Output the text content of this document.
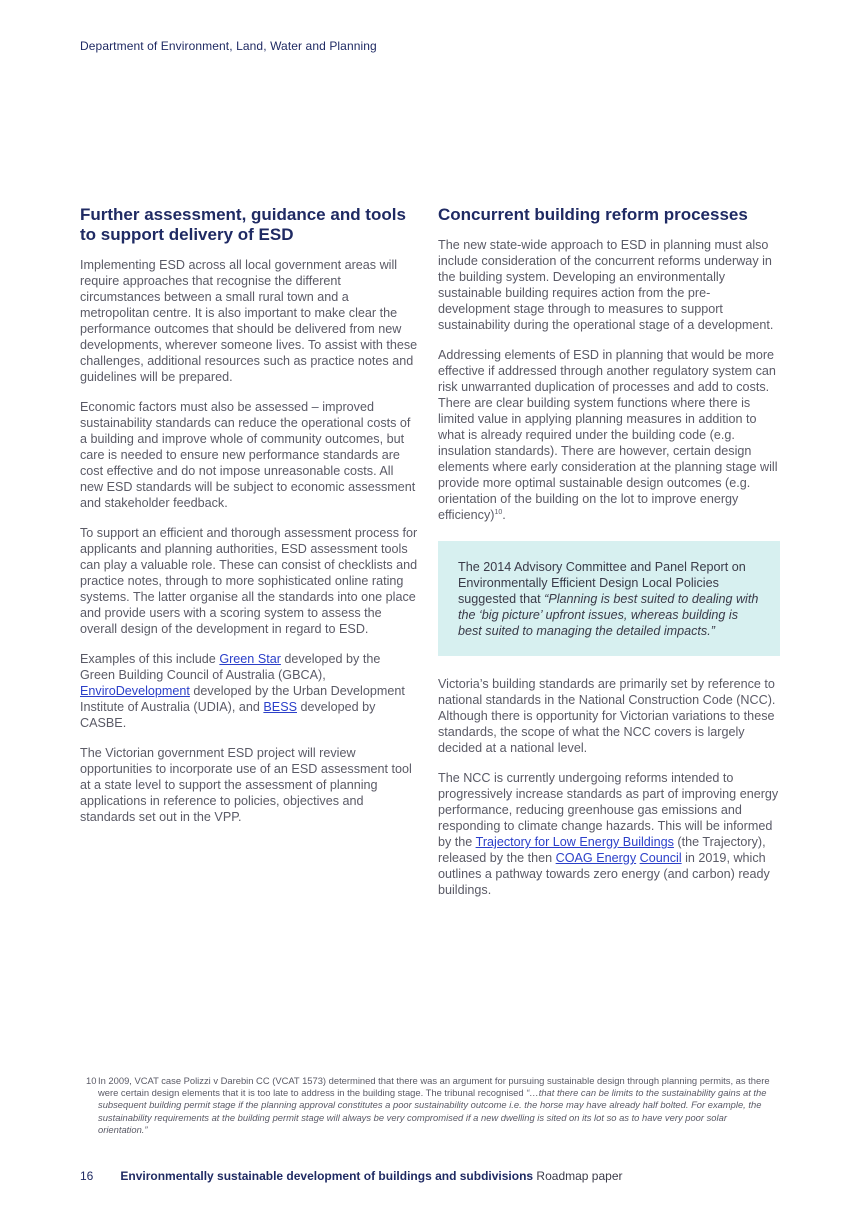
Department of Environment, Land, Water and Planning
Further assessment, guidance and tools to support delivery of ESD

Implementing ESD across all local government areas will require approaches that recognise the different circumstances between a small rural town and a metropolitan centre. It is also important to make clear the performance outcomes that should be delivered from new developments, wherever someone lives. To assist with these challenges, additional resources such as practice notes and guidelines will be prepared.

Economic factors must also be assessed – improved sustainability standards can reduce the operational costs of a building and improve whole of community outcomes, but care is needed to ensure new performance standards are cost effective and do not impose unreasonable costs. All new ESD standards will be subject to economic assessment and stakeholder feedback.

To support an efficient and thorough assessment process for applicants and planning authorities, ESD assessment tools can play a valuable role. These can consist of checklists and practice notes, through to more sophisticated online rating systems. The latter organise all the standards into one place and provide users with a scoring system to assess the overall design of the development in regard to ESD.

Examples of this include Green Star developed by the Green Building Council of Australia (GBCA), EnviroDevelopment developed by the Urban Development Institute of Australia (UDIA), and BESS developed by CASBE.

The Victorian government ESD project will review opportunities to incorporate use of an ESD assessment tool at a state level to support the assessment of planning applications in reference to policies, objectives and standards set out in the VPP.

Concurrent building reform processes

The new state-wide approach to ESD in planning must also include consideration of the concurrent reforms underway in the building system. Developing an environmentally sustainable building requires action from the pre-development stage through to measures to support sustainability during the operational stage of a development.

Addressing elements of ESD in planning that would be more effective if addressed through another regulatory system can risk unwarranted duplication of processes and add to costs. There are clear building system functions where there is limited value in applying planning measures in addition to what is already required under the building code (e.g. insulation standards). There are however, certain design elements where early consideration at the planning stage will provide more optimal sustainable design outcomes (e.g. orientation of the building on the lot to improve energy efficiency)$^{10}$.

The 2014 Advisory Committee and Panel Report on Environmentally Efficient Design Local Policies suggested that “Planning is best suited to dealing with the ‘big picture’ upfront issues, whereas building is best suited to managing the detailed impacts.”

Victoria’s building standards are primarily set by reference to national standards in the National Construction Code (NCC). Although there is opportunity for Victorian variations to these standards, the scope of what the NCC covers is largely decided at a national level.

The NCC is currently undergoing reforms intended to progressively increase standards as part of improving energy performance, reducing greenhouse gas emissions and responding to climate change hazards. This will be informed by the Trajectory for Low Energy Buildings (the Trajectory), released by the then COAG Energy Council in 2019, which outlines a pathway towards zero energy (and carbon) ready buildings.

10 In 2009, VCAT case Polizzi v Darebin CC (VCAT 1573) determined that there was an argument for pursuing sustainable design through planning permits, as there were certain design elements that it is too late to address in the building stage. The tribunal recognised “…that there can be limits to the sustainability gains at the subsequent building permit stage if the planning approval constitutes a poor sustainability outcome i.e. the horse may have already half bolted. For example, the sustainability requirements at the building permit stage will always be very compromised if a new dwelling is sited on its lot so as to have very poor solar orientation.”
16 Environmentally sustainable development of buildings and subdivisions Roadmap paper
